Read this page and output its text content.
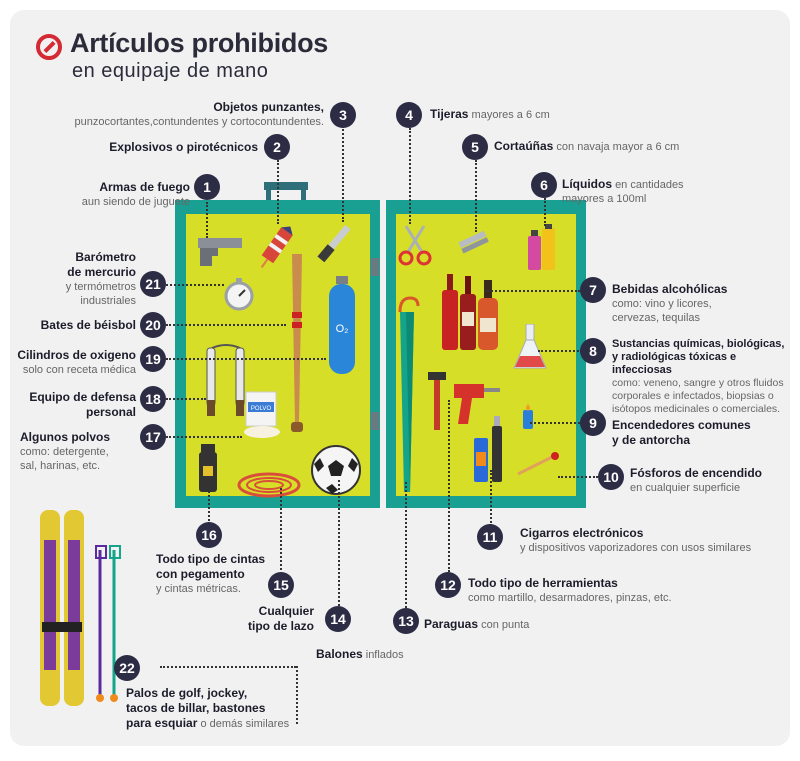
Artículos prohibidos
en equipaje de mano
O₂
POLVO
1
2
3	4
5
6
7
8
9
10
11
12
13
14
15
16
17
18
19
20
21
22
Armas de fuego
aun siendo de juguete
Explosivos o pirotécnicos
Objetos punzantes,
punzocortantes,contundentes y cortocontundentes.
Tijeras mayores a 6 cm
Cortaúñas con navaja mayor a 6 cm
Líquidos en cantidades
mayores a 100ml
Bebidas alcohólicas
como: vino y licores,
cervezas, tequilas
Sustancias químicas, biológicas,
y radiológicas tóxicas e infecciosas
como: veneno, sangre y otros fluidos
corporales e infectados, biopsias o
isótopos medicinales o comerciales.
Encendedores comunes
y de antorcha
Fósforos de encendido
en cualquier superficie
Cigarros electrónicos
y dispositivos vaporizadores con usos similares
Todo tipo de herramientas
como martillo, desarmadores, pinzas, etc.
Paraguas con punta
Balones inflados
Cualquier
tipo de lazo
Todo tipo de cintas
con pegamento
y cintas métricas.
Algunos polvos
como: detergente,
sal, harinas, etc.
Equipo de defensa
personal
Cilindros de oxigeno
solo con receta médica
Bates de béisbol
Barómetro
de mercurio
y termómetros
industriales
Palos de golf, jockey,
tacos de billar, bastones
para esquiar o demás similares
